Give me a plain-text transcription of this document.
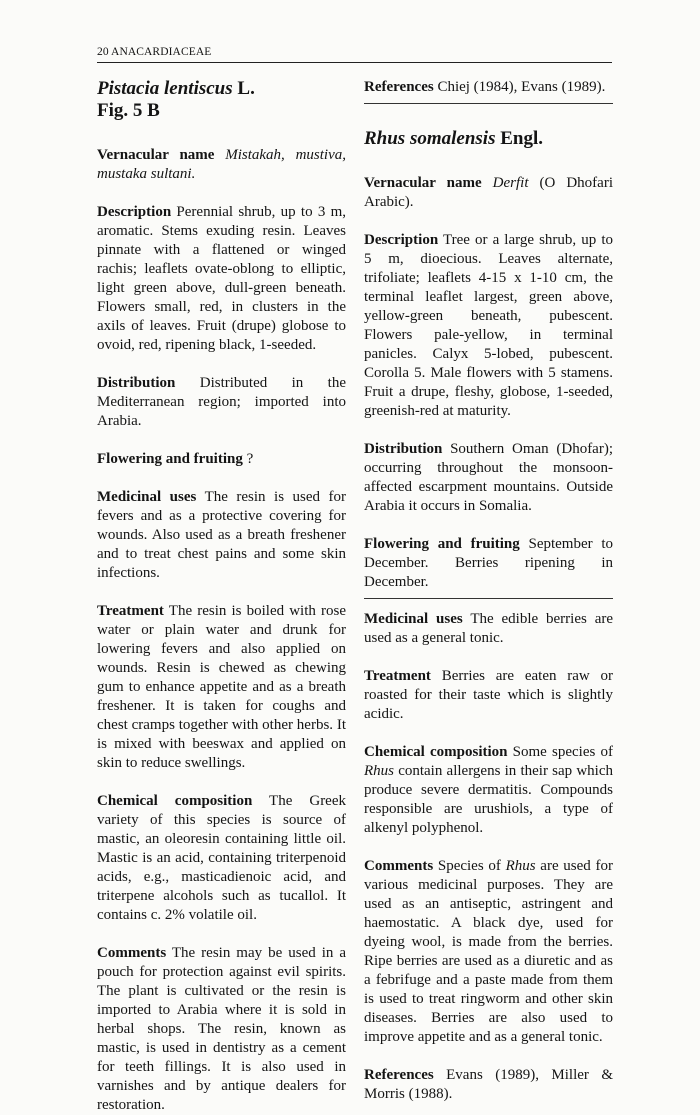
20 ANACARDIACEAE
Pistacia lentiscus L.
Fig. 5 B

Vernacular name Mistakah, mustiva, mustaka sultani.

Description Perennial shrub, up to 3 m, aromatic. Stems exuding resin. Leaves pinnate with a flattened or winged rachis; leaflets ovate-oblong to elliptic, light green above, dull-green beneath. Flowers small, red, in clusters in the axils of leaves. Fruit (drupe) globose to ovoid, red, ripening black, 1-seeded.

Distribution Distributed in the Mediterranean region; imported into Arabia.

Flowering and fruiting ?

Medicinal uses The resin is used for fevers and as a protective covering for wounds. Also used as a breath freshener and to treat chest pains and some skin infections.

Treatment The resin is boiled with rose water or plain water and drunk for lowering fevers and also applied on wounds. Resin is chewed as chewing gum to enhance appetite and as a breath freshener. It is taken for coughs and chest cramps together with other herbs. It is mixed with beeswax and applied on skin to reduce swellings.

Chemical composition The Greek variety of this species is source of mastic, an oleoresin containing little oil. Mastic is an acid, containing triterpenoid acids, e.g., masticadienoic acid, and triterpene alcohols such as tucallol. It contains c. 2% volatile oil.

Comments The resin may be used in a pouch for protection against evil spirits. The plant is cultivated or the resin is imported to Arabia where it is sold in herbal shops. The resin, known as mastic, is used in dentistry as a cement for teeth fillings. It is also used in varnishes and by antique dealers for restoration.

References Chiej (1984), Evans (1989).

Rhus somalensis Engl.

Vernacular name Derfit (O Dhofari Arabic).

Description Tree or a large shrub, up to 5 m, dioecious. Leaves alternate, trifoliate; leaflets 4-15 x 1-10 cm, the terminal leaflet largest, green above, yellow-green beneath, pubescent. Flowers pale-yellow, in terminal panicles. Calyx 5-lobed, pubescent. Corolla 5. Male flowers with 5 stamens. Fruit a drupe, fleshy, globose, 1-seeded, greenish-red at maturity.

Distribution Southern Oman (Dhofar); occurring throughout the monsoon-affected escarpment mountains. Outside Arabia it occurs in Somalia.

Flowering and fruiting September to December. Berries ripening in December.

Medicinal uses The edible berries are used as a general tonic.

Treatment Berries are eaten raw or roasted for their taste which is slightly acidic.

Chemical composition Some species of Rhus contain allergens in their sap which produce severe dermatitis. Compounds responsible are urushiols, a type of alkenyl polyphenol.

Comments Species of Rhus are used for various medicinal purposes. They are used as an antiseptic, astringent and haemostatic. A black dye, used for dyeing wool, is made from the berries. Ripe berries are used as a diuretic and as a febrifuge and a paste made from them is used to treat ringworm and other skin diseases. Berries are also used to improve appetite and as a general tonic.

References Evans (1989), Miller & Morris (1988).
